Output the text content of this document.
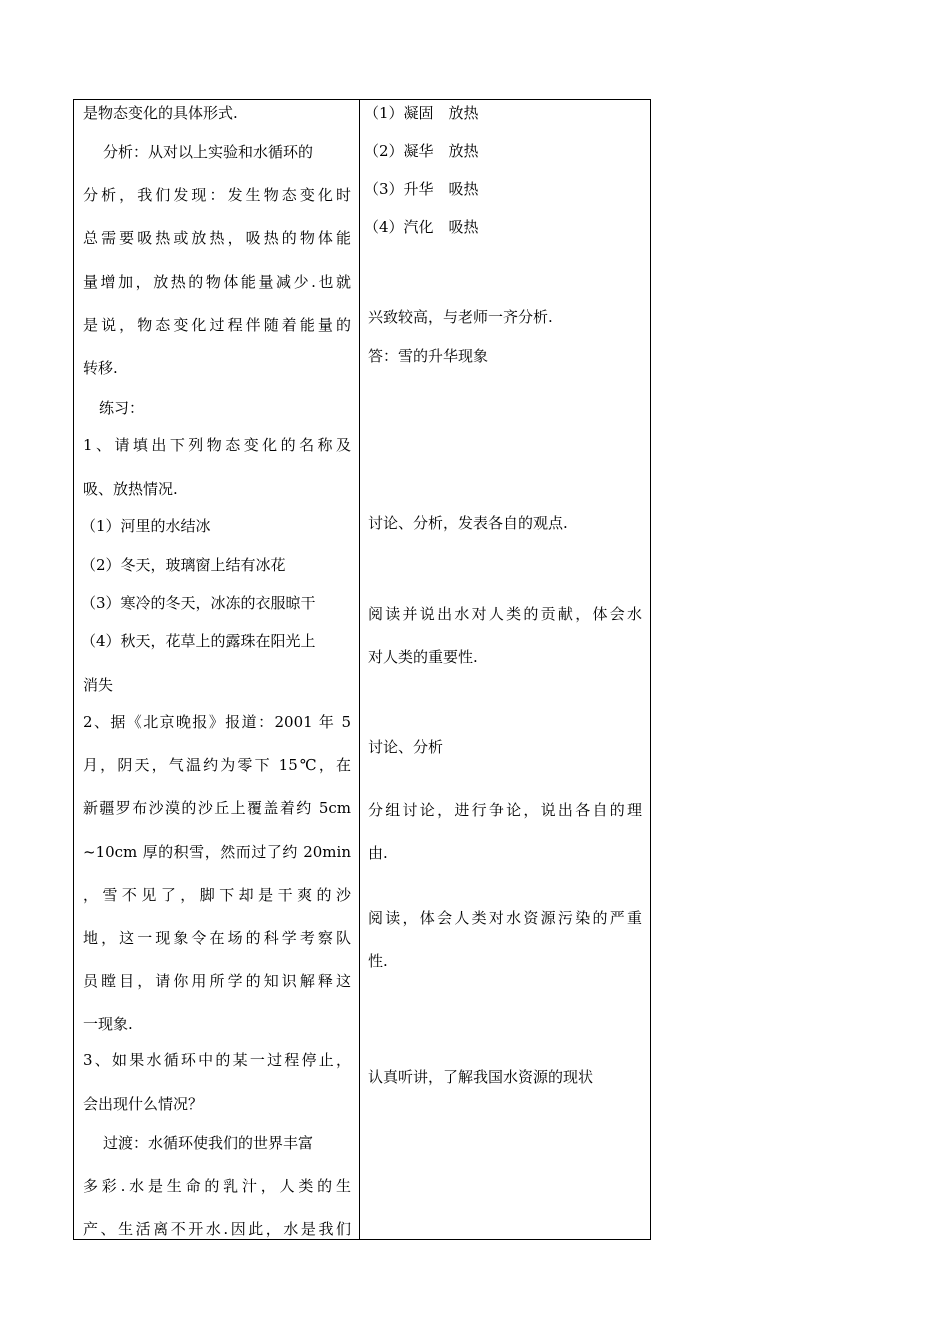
是物态变化的具体形式.
分析：从对以上实验和水循环的
分析，我们发现：发生物态变化时
总需要吸热或放热，吸热的物体能
量增加，放热的物体能量减少.也就
是说，物态变化过程伴随着能量的
转移.
练习：
1、请填出下列物态变化的名称及
吸、放热情况.
（1）河里的水结冰
（2）冬天，玻璃窗上结有冰花
（3）寒冷的冬天，冰冻的衣服晾干
（4）秋天，花草上的露珠在阳光上
消失
2、据《北京晚报》报道：2001 年 5
月，阴天，气温约为零下 15℃，在
新疆罗布沙漠的沙丘上覆盖着约 5cm
~10cm 厚的积雪，然而过了约 20min
，雪不见了，脚下却是干爽的沙
地，这一现象令在场的科学考察队
员瞠目，请你用所学的知识解释这
一现象.
3、如果水循环中的某一过程停止，
会出现什么情况？
过渡：水循环使我们的世界丰富
多彩.水是生命的乳汁，人类的生
产、生活离不开水.因此，水是我们
（1）凝固　放热
（2）凝华　放热
（3）升华　吸热
（4）汽化　吸热
兴致较高，与老师一齐分析.
答：雪的升华现象
讨论、分析，发表各自的观点.
阅读并说出水对人类的贡献，体会水
对人类的重要性.
讨论、分析
分组讨论，进行争论，说出各自的理
由.
阅读，体会人类对水资源污染的严重
性.
认真听讲，了解我国水资源的现状
